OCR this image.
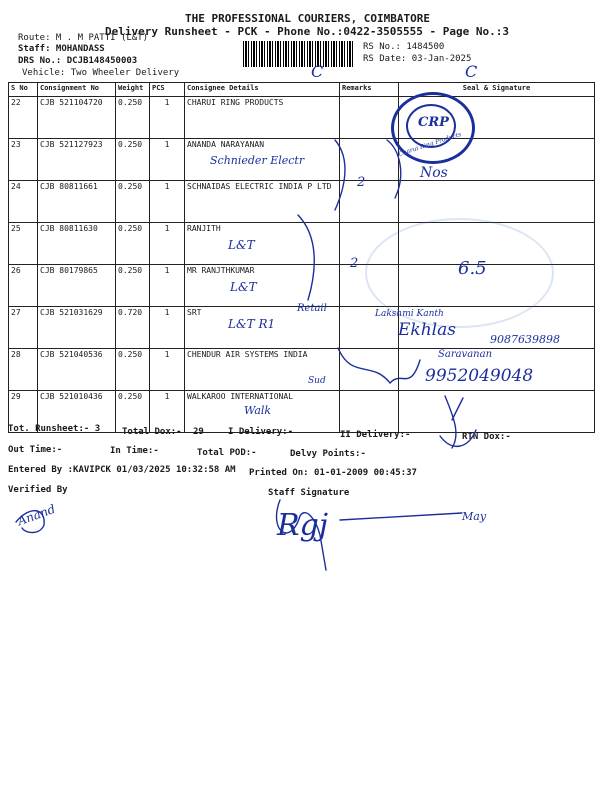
THE PROFESSIONAL COURIERS, COIMBATORE
Delivery Runsheet - PCK - Phone No.:0422-3505555 - Page No.:3
Route: M . M PATTI (L&T)
Staff: MOHANDASS
DRS No.: DCJB148450003
Vehicle: Two Wheeler Delivery
RS No.: 1484500
RS Date: 03-Jan-2025
S No	Consignment No	Weight	PCS	Consignee Details	Remarks	Seal & Signature
22	CJB 521104720	0.250	1	CHARUI RING PRODUCTS		
23	CJB 521127923	0.250	1	ANANDA NARAYANAN		
24	CJB 80811661	0.250	1	SCHNAIDAS ELECTRIC INDIA P LTD		
25	CJB 80811630	0.250	1	RANJITH		
26	CJB 80179865	0.250	1	MR RANJTHKUMAR		
27	CJB 521031629	0.720	1	SRT		
28	CJB 521040536	0.250	1	CHENDUR AIR SYSTEMS INDIA		
29	CJB 521010436	0.250	1	WALKAROO INTERNATIONAL		
Tot. Runsheet:- 3 Total Dox:- 29	I Delivery:-	II Delivery:-	RTN Dox:-
Out Time:-	In Time:-	Total POD:-	Delvy Points:-
Entered By :KAVIPCK 01/03/2025 10:32:58 AM Printed On: 01-01-2009 00:45:37
Verified By	Staff Signature
Charui Ring Products
CRP
C	C
Schnieder Electr
2
Nos
L&T
6.5
2
L&T
L&T R1
Retail	Lakshmi Kanth
Ekhlas	9087639898
Saravanan
9952049048
Walk
Sud
Anand	Rgj	May
